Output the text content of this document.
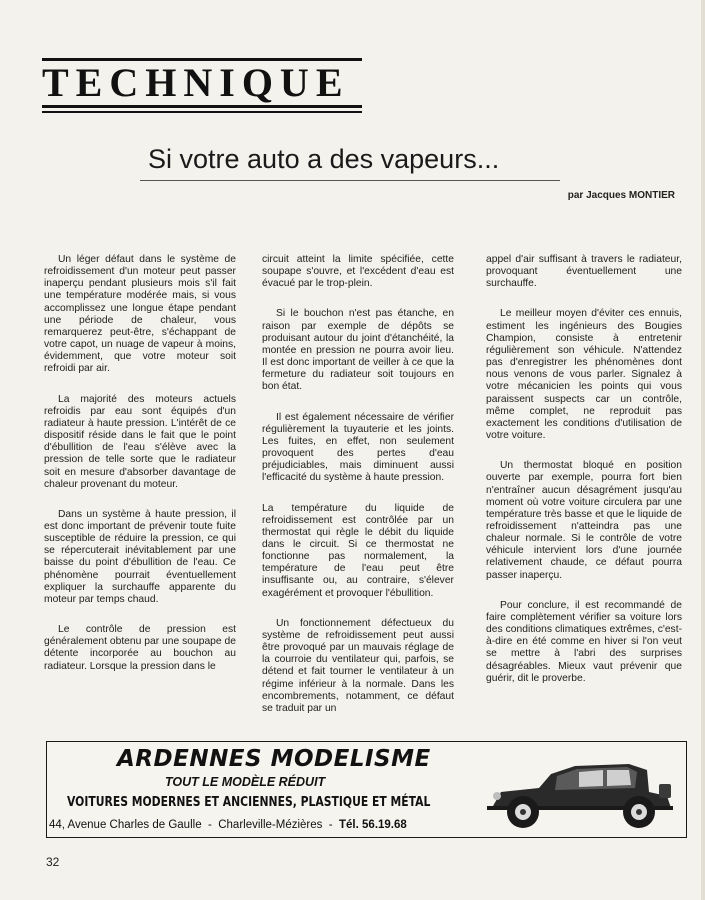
TECHNIQUE
Si votre auto a des vapeurs...
par Jacques MONTIER

Un léger défaut dans le système de refroidissement d'un moteur peut passer inaperçu pendant plusieurs mois s'il fait une température modérée mais, si vous accomplissez une longue étape pendant une période de chaleur, vous remarquerez peut-être, s'échappant de votre capot, un nuage de vapeur à moins, évidemment, que votre moteur soit refroidi par air.

La majorité des moteurs actuels refroidis par eau sont équipés d'un radiateur à haute pression. L'intérêt de ce dispositif réside dans le fait que le point d'ébullition de l'eau s'élève avec la pression de telle sorte que le radiateur soit en mesure d'absorber davantage de chaleur provenant du moteur.

Dans un système à haute pression, il est donc important de prévenir toute fuite susceptible de réduire la pression, ce qui se répercuterait inévitablement par une baisse du point d'ébullition de l'eau. Ce phénomène pourrait éventuellement expliquer la surchauffe apparente du moteur par temps chaud.

Le contrôle de pression est généralement obtenu par une soupape de détente incorporée au bouchon au radiateur. Lorsque la pression dans le

circuit atteint la limite spécifiée, cette soupape s'ouvre, et l'excédent d'eau est évacué par le trop-plein.

Si le bouchon n'est pas étanche, en raison par exemple de dépôts se produisant autour du joint d'étanchéité, la montée en pression ne pourra avoir lieu. Il est donc important de veiller à ce que la fermeture du radiateur soit toujours en bon état.

Il est également nécessaire de vérifier régulièrement la tuyauterie et les joints. Les fuites, en effet, non seulement provoquent des pertes d'eau préjudiciables, mais diminuent aussi l'efficacité du système à haute pression.

La température du liquide de refroidissement est contrôlée par un thermostat qui règle le débit du liquide dans le circuit. Si ce thermostat ne fonctionne pas normalement, la température de l'eau peut être insuffisante ou, au contraire, s'élever exagérément et provoquer l'ébullition.

Un fonctionnement défectueux du système de refroidissement peut aussi être provoqué par un mauvais réglage de la courroie du ventilateur qui, parfois, se détend et fait tourner le ventilateur à un régime inférieur à la normale. Dans les encombrements, notamment, ce défaut se traduit par un

appel d'air suffisant à travers le radiateur, provoquant éventuellement une surchauffe.

Le meilleur moyen d'éviter ces ennuis, estiment les ingénieurs des Bougies Champion, consiste à entretenir régulièrement son véhicule. N'attendez pas d'enregistrer les phénomènes dont nous venons de vous parler. Signalez à votre mécanicien les points qui vous paraissent suspects car un contrôle, même complet, ne reproduit pas exactement les conditions d'utilisation de votre voiture.

Un thermostat bloqué en position ouverte par exemple, pourra fort bien n'entraîner aucun désagrément jusqu'au moment où votre voiture circulera par une température très basse et que le liquide de refroidissement n'atteindra pas une chaleur normale. Si le contrôle de votre véhicule intervient lors d'une journée relativement chaude, ce défaut pourra passer inaperçu.

Pour conclure, il est recommandé de faire complètement vérifier sa voiture lors des conditions climatiques extrêmes, c'est-à-dire en été comme en hiver si l'on veut se mettre à l'abri des surprises désagréables. Mieux vaut prévenir que guérir, dit le proverbe.

ARDENNES MODELISME
TOUT LE MODÈLE RÉDUIT
VOITURES MODERNES ET ANCIENNES, PLASTIQUE ET MÉTAL
44, Avenue Charles de Gaulle - Charleville-Mézières - Tél. 56.19.68
32
